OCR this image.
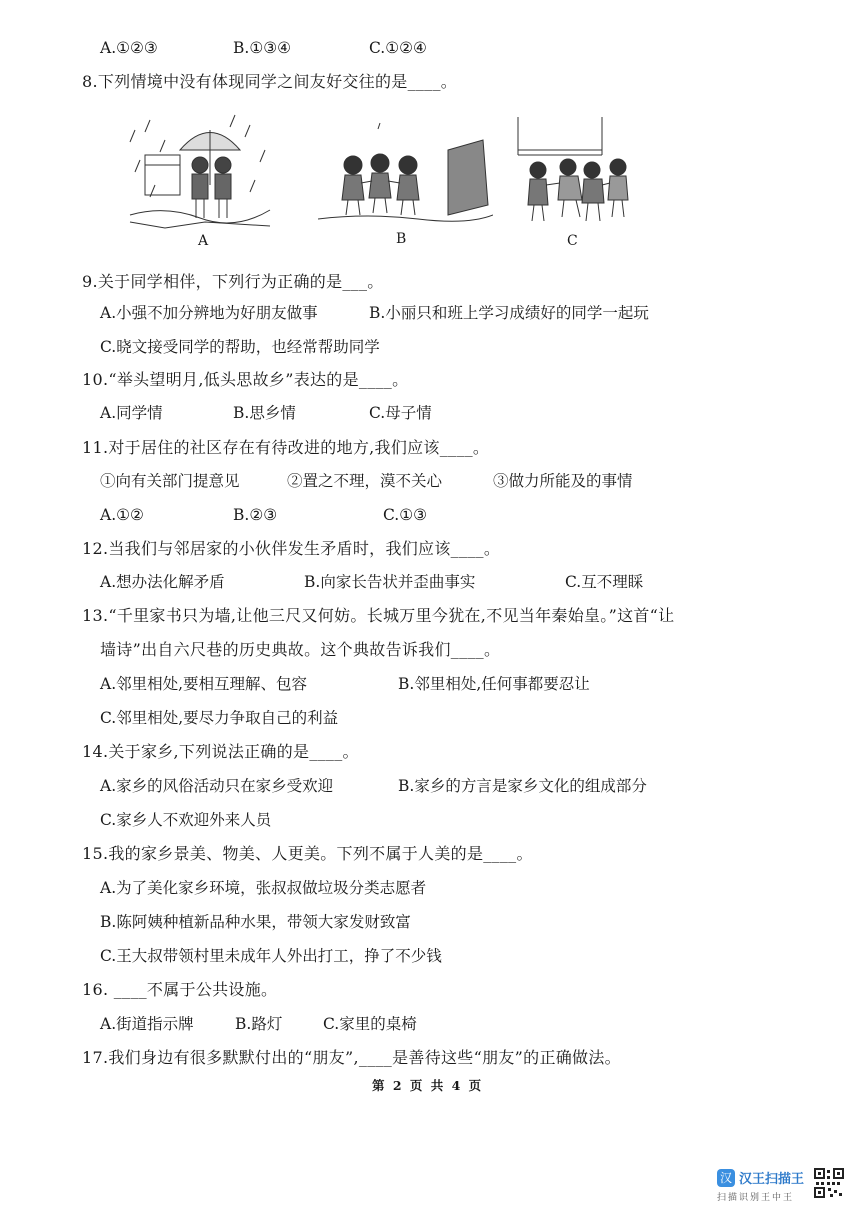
A.①②③	B.①③④	C.①②④
8.下列情境中没有体现同学之间友好交往的是____。
A	B	C
9.关于同学相伴，下列行为正确的是___。
A.小强不加分辨地为好朋友做事	B.小丽只和班上学习成绩好的同学一起玩
C.晓文接受同学的帮助，也经常帮助同学
10.“举头望明月,低头思故乡”表达的是____。
A.同学情	B.思乡情	C.母子情
11.对于居住的社区存在有待改进的地方,我们应该____。
①向有关部门提意见	②置之不理，漠不关心	③做力所能及的事情
A.①②	B.②③	C.①③
12.当我们与邻居家的小伙伴发生矛盾时，我们应该____。
A.想办法化解矛盾	B.向家长告状并歪曲事实	C.互不理睬
13.“千里家书只为墙,让他三尺又何妨。长城万里今犹在,不见当年秦始皇。”这首“让
墙诗”出自六尺巷的历史典故。这个典故告诉我们____。
A.邻里相处,要相互理解、包容	B.邻里相处,任何事都要忍让
C.邻里相处,要尽力争取自己的利益
14.关于家乡,下列说法正确的是____。
A.家乡的风俗活动只在家乡受欢迎	B.家乡的方言是家乡文化的组成部分
C.家乡人不欢迎外来人员
15.我的家乡景美、物美、人更美。下列不属于人美的是____。
A.为了美化家乡环境，张叔叔做垃圾分类志愿者
B.陈阿姨种植新品种水果，带领大家发财致富
C.王大叔带领村里未成年人外出打工，挣了不少钱
16. ____不属于公共设施。
A.街道指示牌	B.路灯	C.家里的桌椅
17.我们身边有很多默默付出的“朋友”,____是善待这些“朋友”的正确做法。
第 2 页 共 4 页
汉 汉王扫描王
扫描识别王中王
